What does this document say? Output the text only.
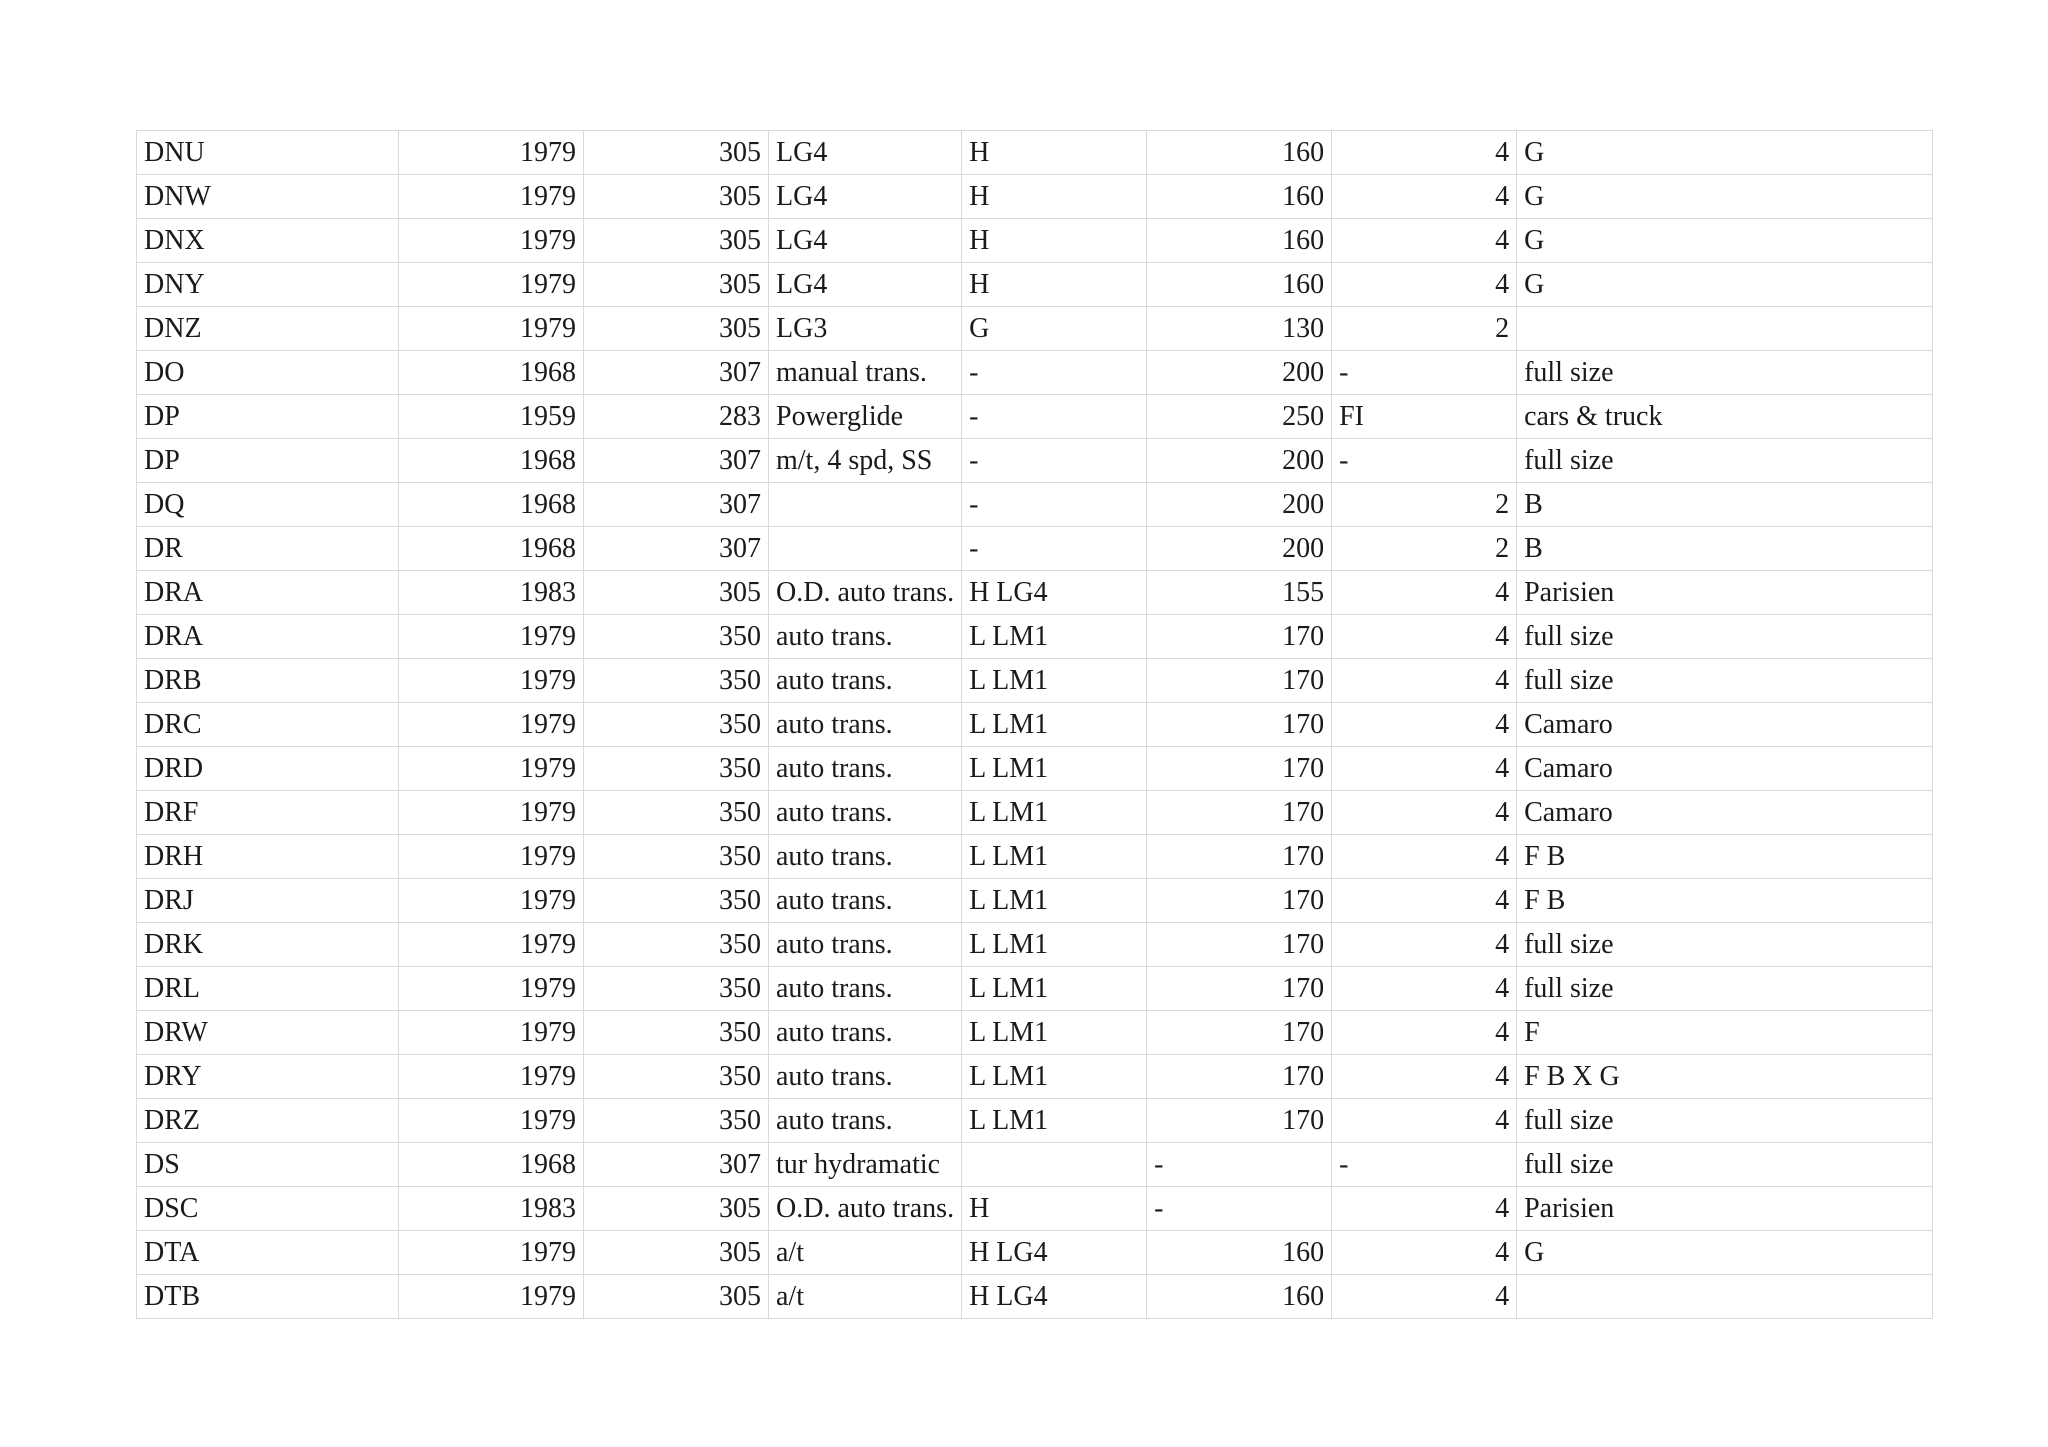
DNU	1979	305	LG4	H	160	4	G
DNW	1979	305	LG4	H	160	4	G
DNX	1979	305	LG4	H	160	4	G
DNY	1979	305	LG4	H	160	4	G
DNZ	1979	305	LG3	G	130	2	
DO	1968	307	manual trans.	-	200	-	full size
DP	1959	283	Powerglide	-	250	FI	cars & truck
DP	1968	307	m/t, 4 spd, SS	-	200	-	full size
DQ	1968	307		-	200	2	B
DR	1968	307		-	200	2	B
DRA	1983	305	O.D. auto trans.	H LG4	155	4	Parisien
DRA	1979	350	auto trans.	L LM1	170	4	full size
DRB	1979	350	auto trans.	L LM1	170	4	full size
DRC	1979	350	auto trans.	L LM1	170	4	Camaro
DRD	1979	350	auto trans.	L LM1	170	4	Camaro
DRF	1979	350	auto trans.	L LM1	170	4	Camaro
DRH	1979	350	auto trans.	L LM1	170	4	F B
DRJ	1979	350	auto trans.	L LM1	170	4	F B
DRK	1979	350	auto trans.	L LM1	170	4	full size
DRL	1979	350	auto trans.	L LM1	170	4	full size
DRW	1979	350	auto trans.	L LM1	170	4	F
DRY	1979	350	auto trans.	L LM1	170	4	F B X G
DRZ	1979	350	auto trans.	L LM1	170	4	full size
DS	1968	307	tur hydramatic		-	-	full size
DSC	1983	305	O.D. auto trans.	H	-	4	Parisien
DTA	1979	305	a/t	H LG4	160	4	G
DTB	1979	305	a/t	H LG4	160	4	
